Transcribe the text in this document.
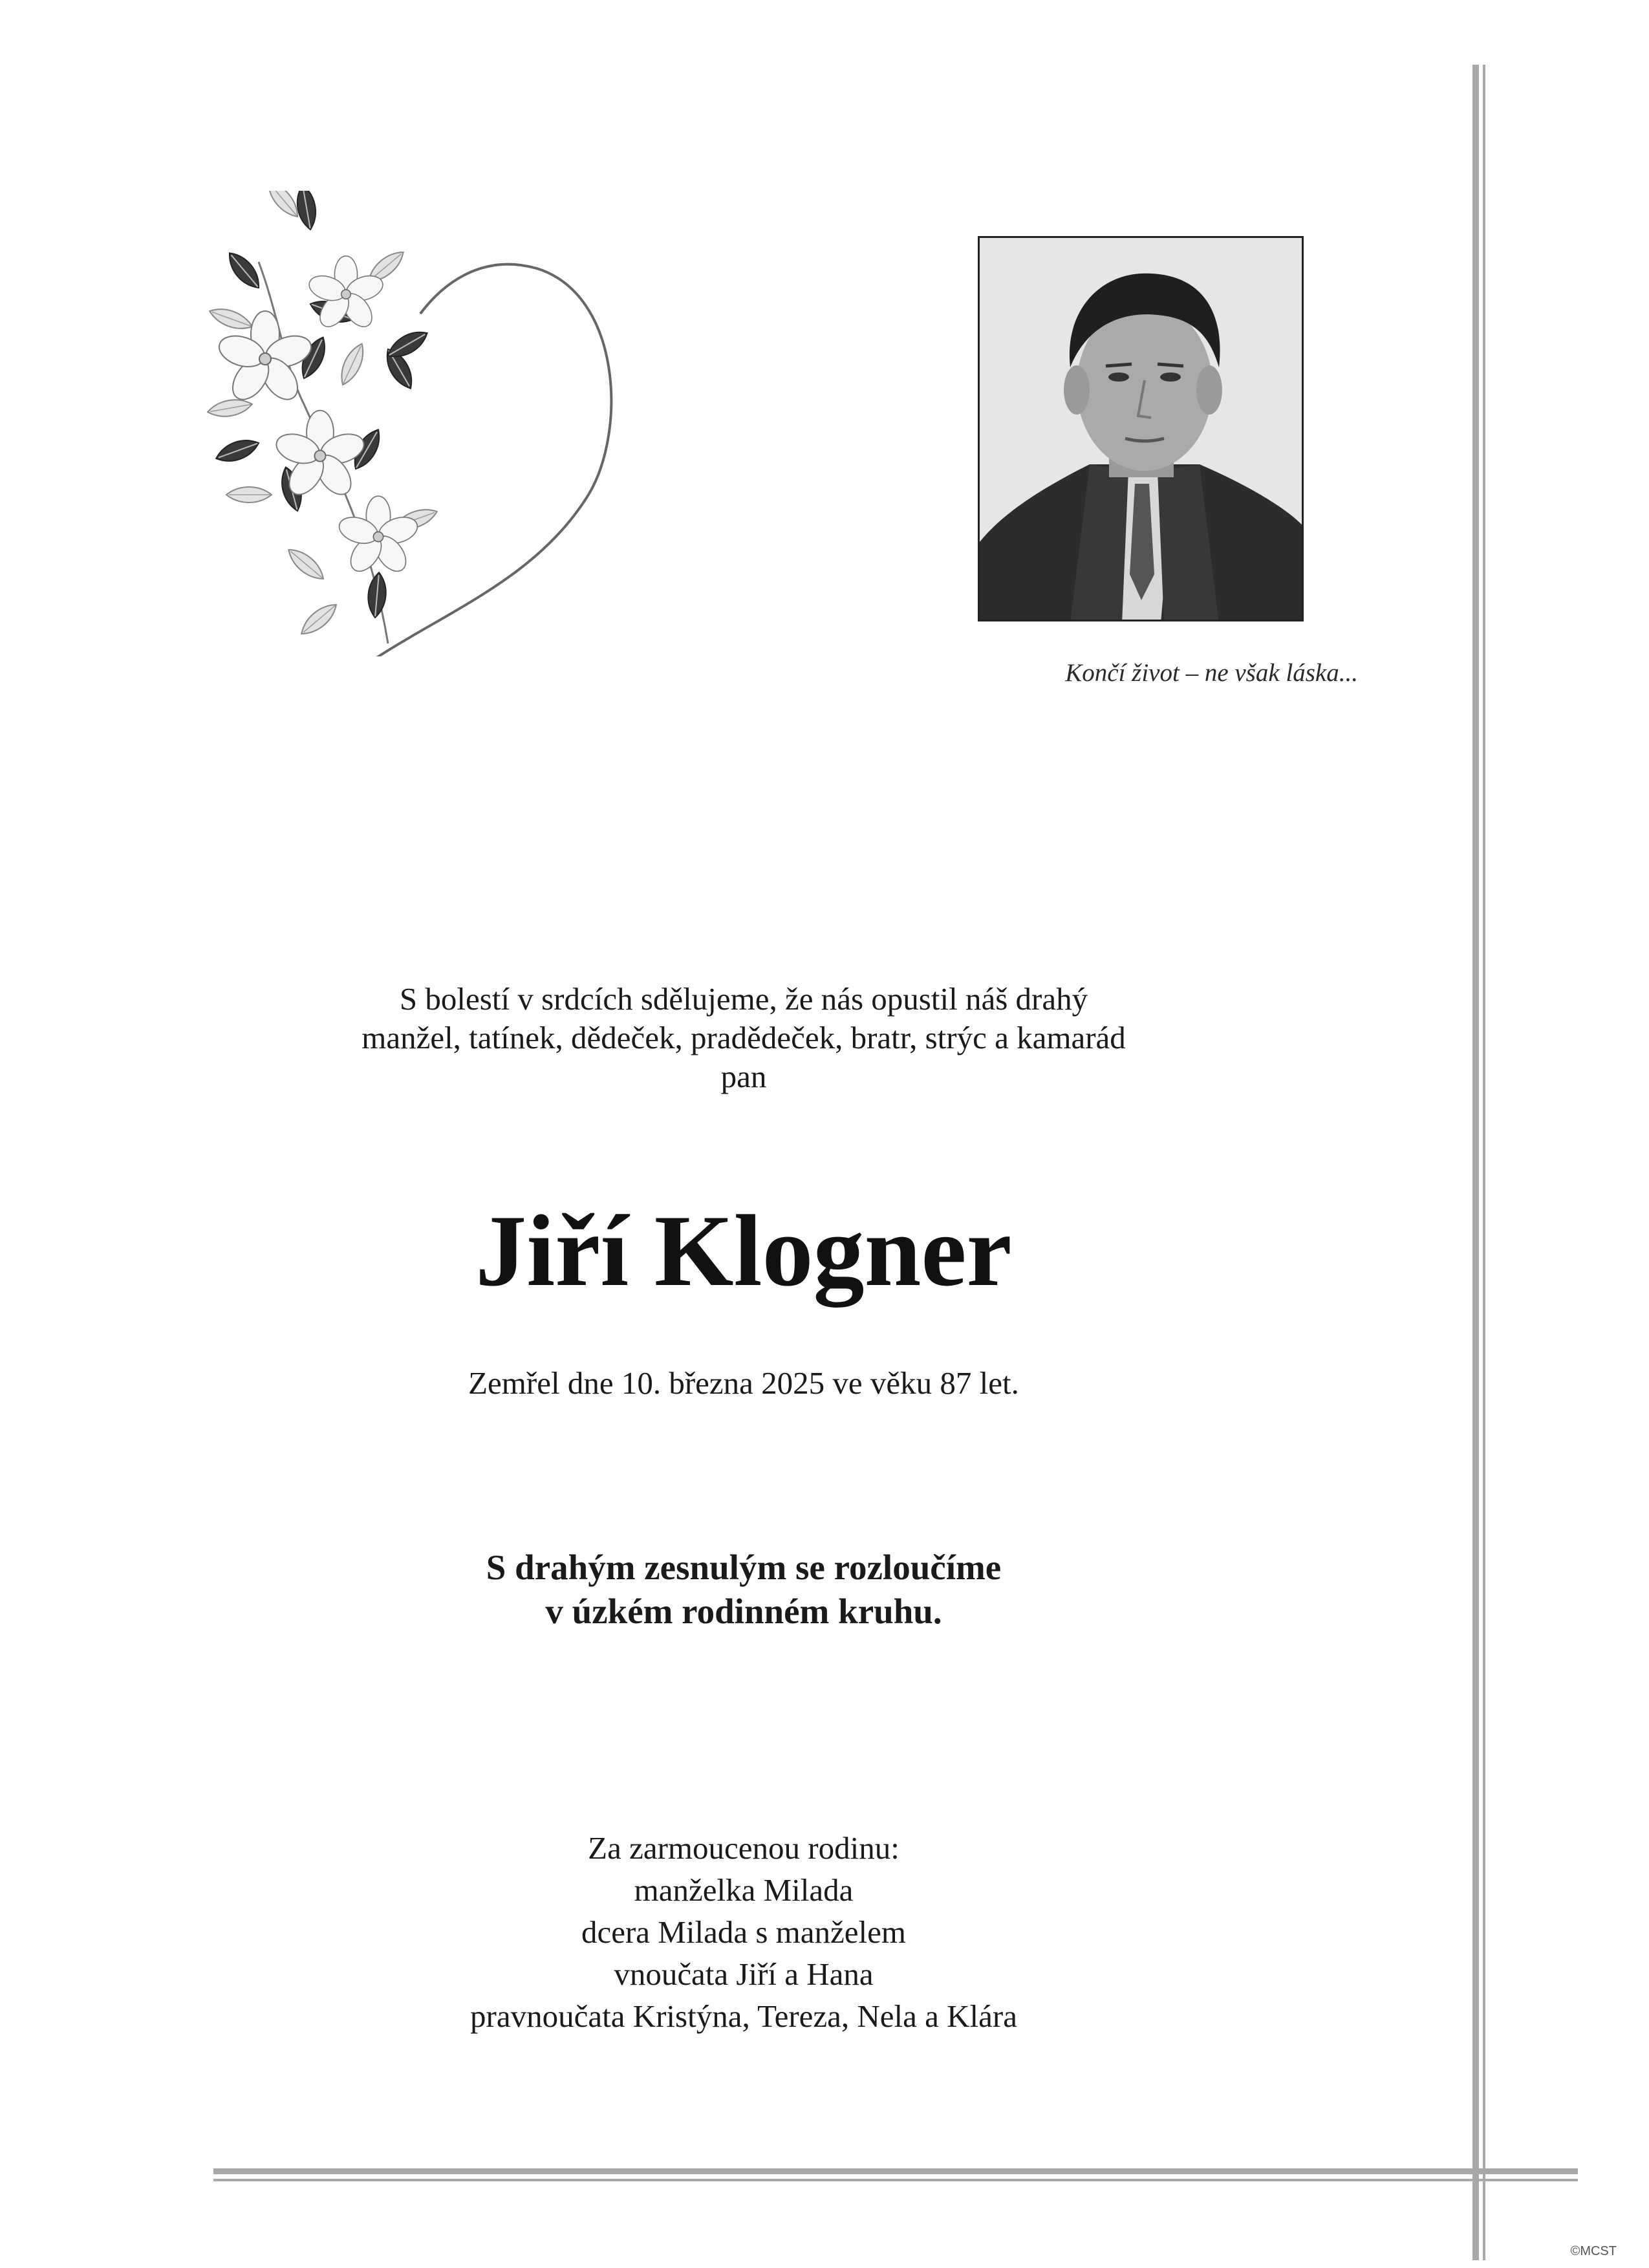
Končí život – ne však láska...
S bolestí v srdcích sdělujeme, že nás opustil náš drahý
manžel, tatínek, dědeček, pradědeček, bratr, strýc a kamarád
pan
Jiří Klogner
Zemřel dne 10. března 2025 ve věku 87 let.
S drahým zesnulým se rozloučíme
v úzkém rodinném kruhu.
Za zarmoucenou rodinu:
manželka Milada
dcera Milada s manželem
vnoučata Jiří a Hana
pravnoučata Kristýna, Tereza, Nela a Klára
©MCST
